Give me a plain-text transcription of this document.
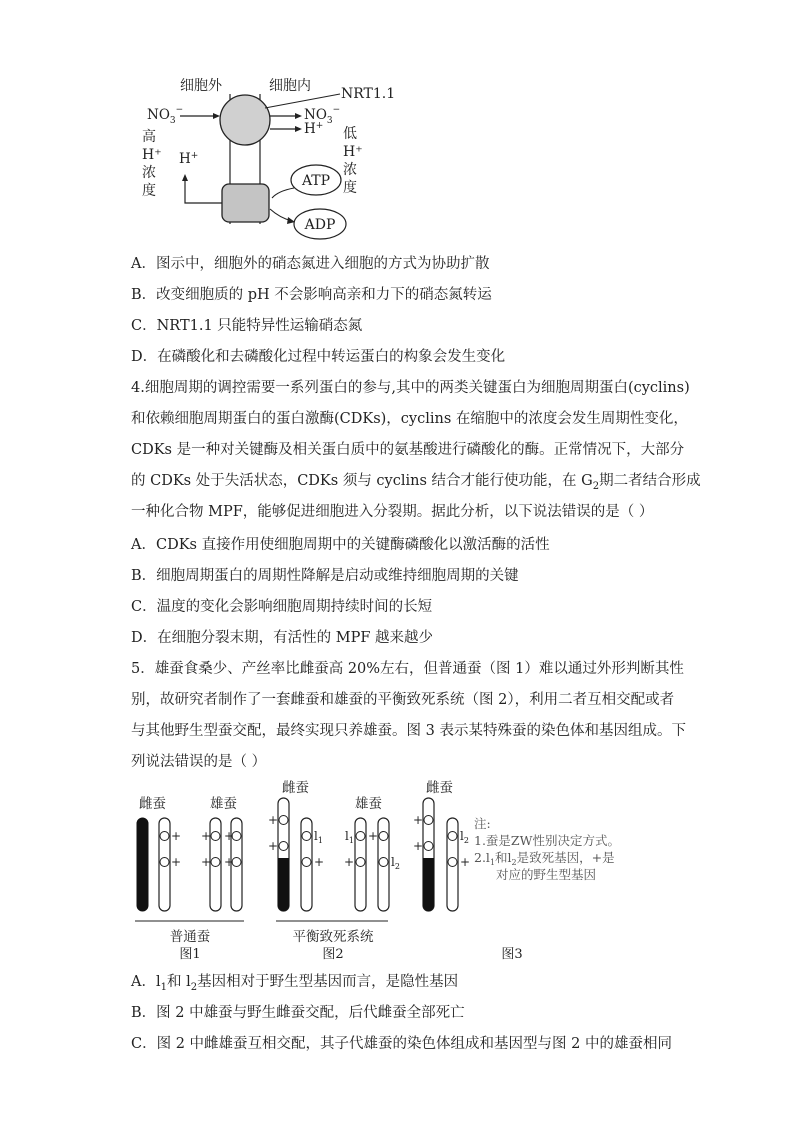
细胞外	细胞内 NRT1.1
$NO_3^-$	$NO_3^-$
H+
H+
高 H⁺ 浓 度
低 H⁺ 浓 度
ATP
ADP
A．图示中，细胞外的硝态氮进入细胞的方式为协助扩散
B．改变细胞质的 pH 不会影响高亲和力下的硝态氮转运
C．NRT1.1 只能特异性运输硝态氮
D．在磷酸化和去磷酸化过程中转运蛋白的构象会发生变化
4.细胞周期的调控需要一系列蛋白的参与,其中的两类关键蛋白为细胞周期蛋白(cyclins)
和依赖细胞周期蛋白的蛋白激酶(CDKs)，cyclins 在缩胞中的浓度会发生周期性变化，
CDKs 是一种对关键酶及相关蛋白质中的氨基酸进行磷酸化的酶。正常情况下，大部分
的 CDKs 处于失活状态，CDKs 须与 cyclins 结合才能行使功能，在 $G_2$期二者结合形成
一种化合物 MPF，能够促进细胞进入分裂期。据此分析，以下说法错误的是（ ）
A．CDKs 直接作用使细胞周期中的关键酶磷酸化以激活酶的活性
B．细胞周期蛋白的周期性降解是启动或维持细胞周期的关键
C．温度的变化会影响细胞周期持续时间的长短
D．在细胞分裂末期，有活性的 MPF 越来越少
5．雄蚕食桑少、产丝率比雌蚕高 20%左右，但普通蚕（图 1）难以通过外形判断其性
别，故研究者制作了一套雌蚕和雄蚕的平衡致死系统（图 2），利用二者互相交配或者
与其他野生型蚕交配，最终实现只养雄蚕。图 3 表示某特殊蚕的染色体和基因组成。下
列说法错误的是（ ）
雌蚕	雄蚕
雌蚕
雄蚕
雌蚕
+
+
+
+
+
+
+
+
$l_1$
+
$l_1$
+
+
$l_2$
+
+
$l_2$
+
注:
1.蚕是ZW性别决定方式。
$2.l_1$和$l_2$是致死基因，+是
对应的野生型基因
普通蚕	平衡致死系统
图1	图2	图3
A．$l_1$和 $l_2$基因相对于野生型基因而言，是隐性基因
B．图 2 中雄蚕与野生雌蚕交配，后代雌蚕全部死亡
C．图 2 中雌雄蚕互相交配，其子代雄蚕的染色体组成和基因型与图 2 中的雄蚕相同
